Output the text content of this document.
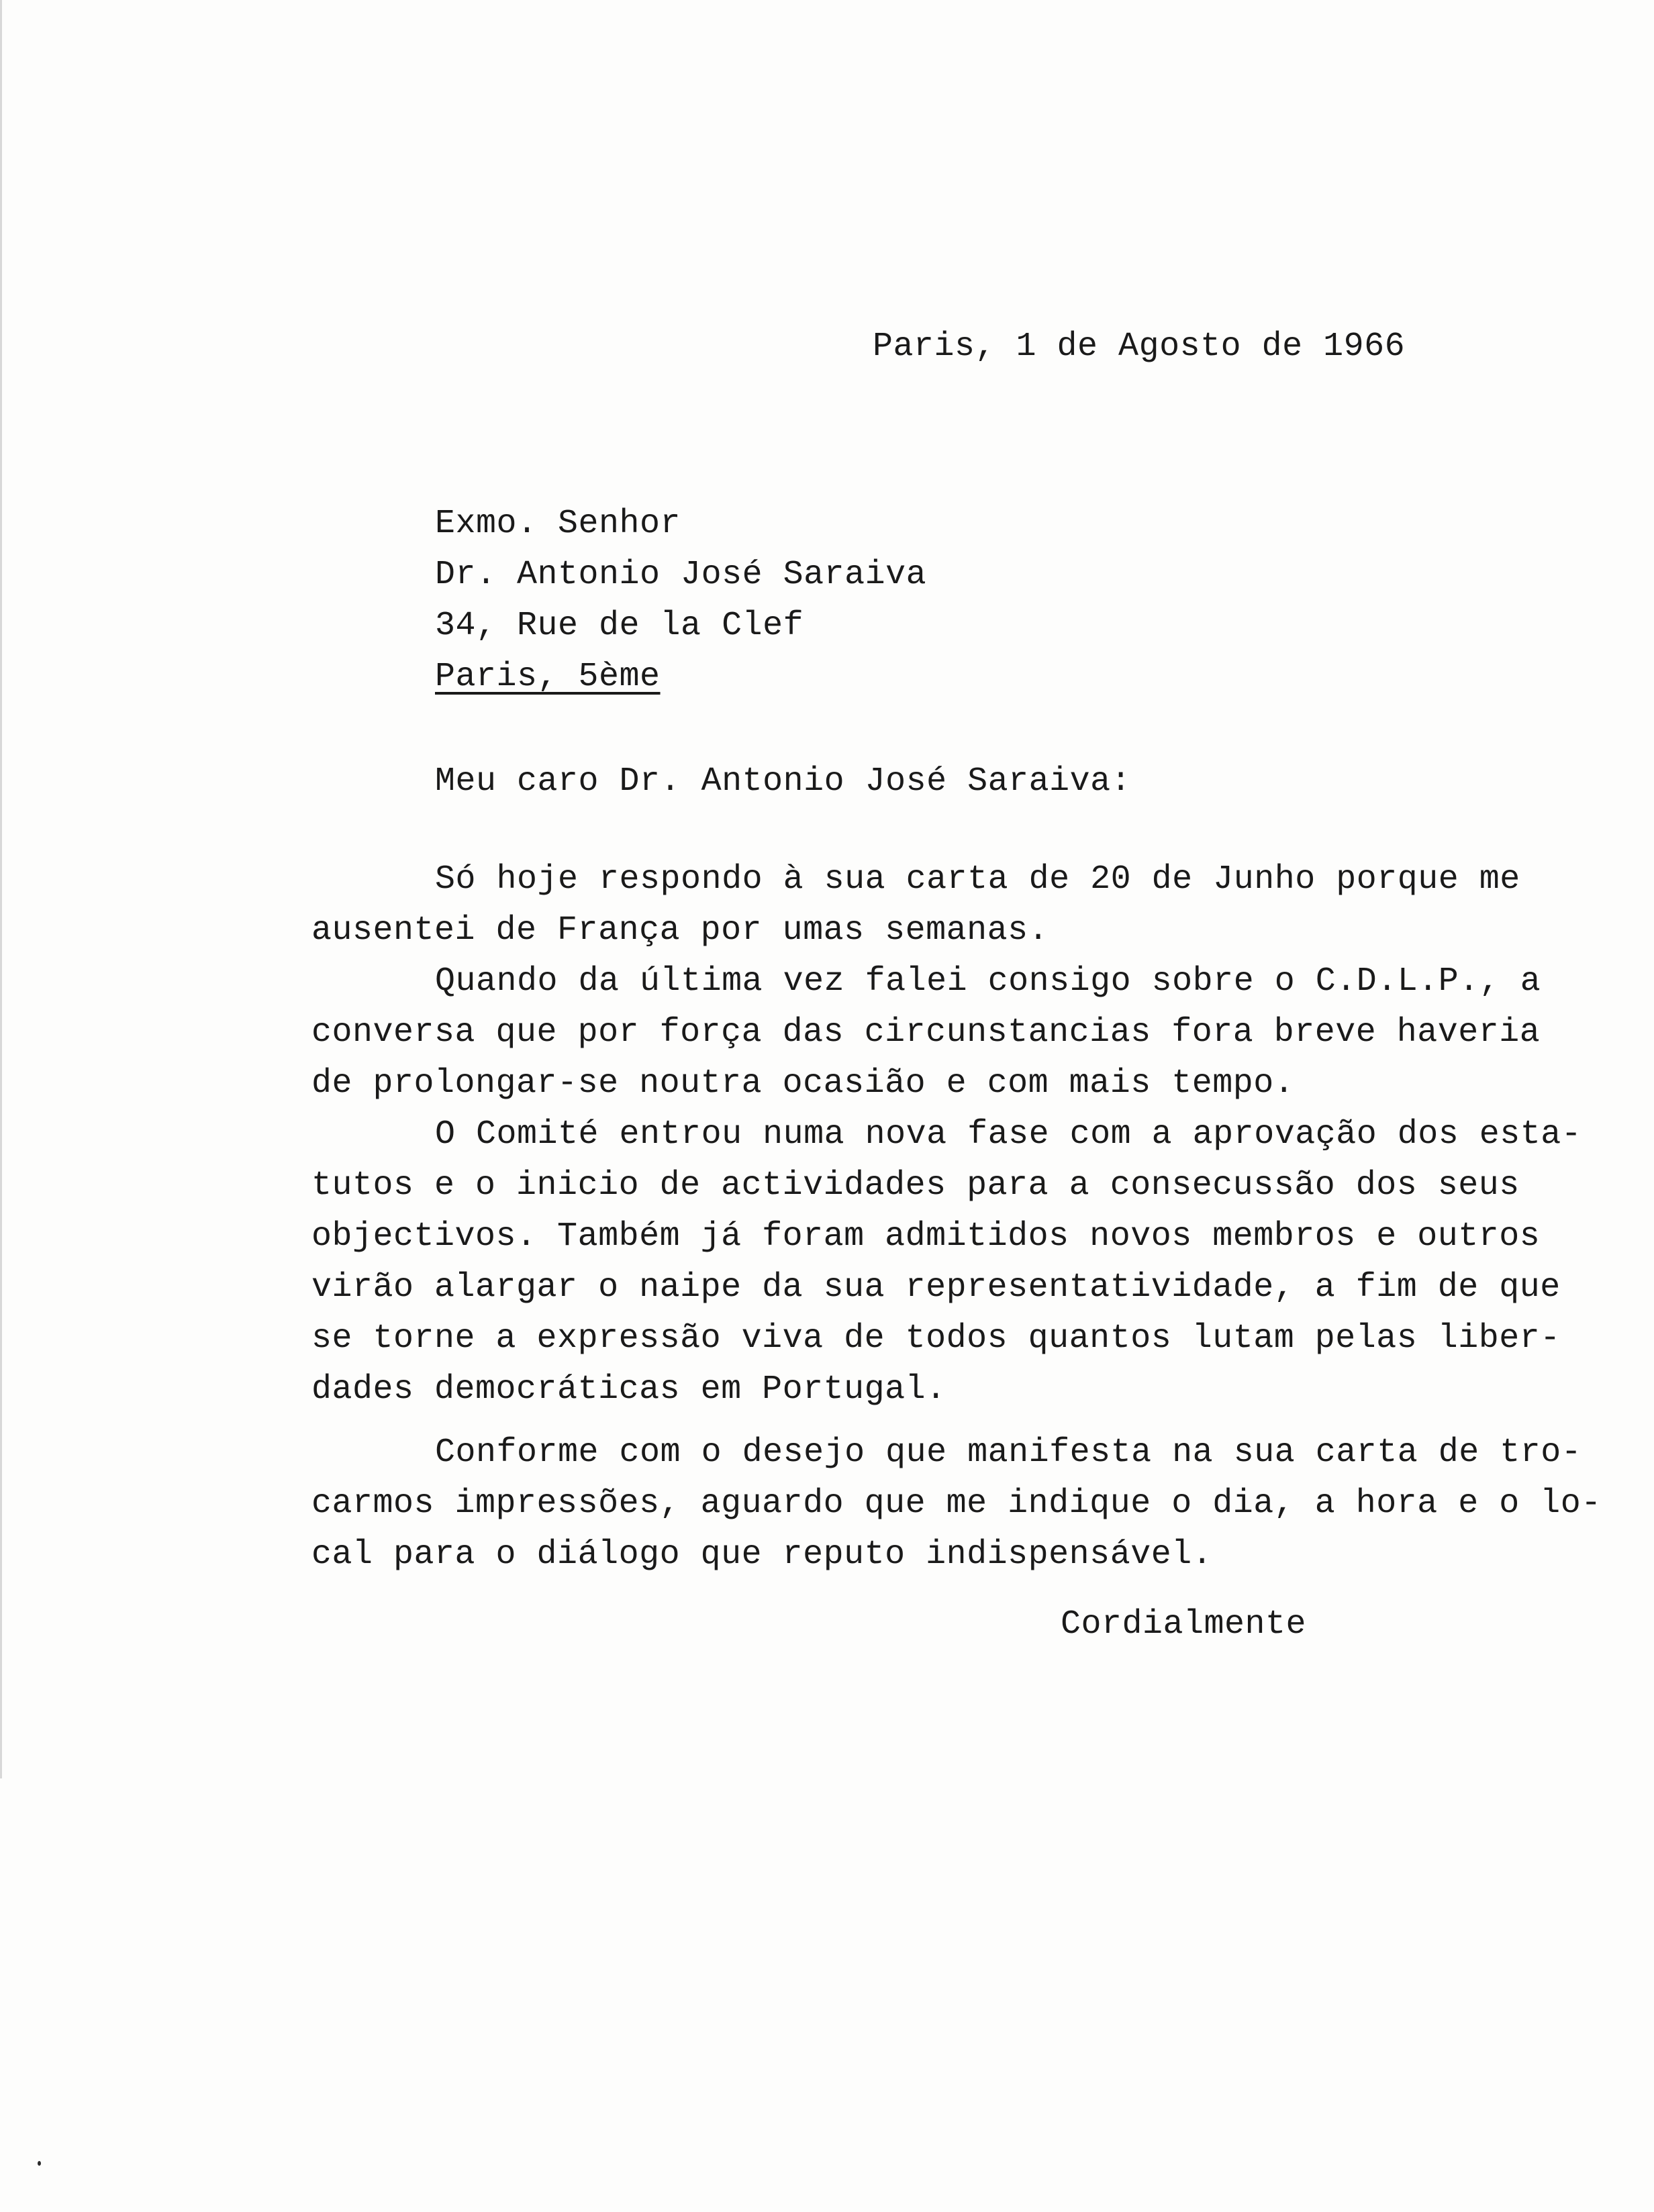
Paris, 1 de Agosto de 1966
Exmo. Senhor
Dr. Antonio José Saraiva
34, Rue de la Clef
Paris, 5ème
Meu caro Dr. Antonio José Saraiva:
Só hoje respondo à sua carta de 20 de Junho porque me
ausentei de França por umas semanas.
Quando da última vez falei consigo sobre o C.D.L.P., a
conversa que por força das circunstancias fora breve haveria
de prolongar-se noutra ocasião e com mais tempo.
O Comité entrou numa nova fase com a aprovação dos esta-
tutos e o inicio de actividades para a consecussão dos seus
objectivos. Também já foram admitidos novos membros e outros
virão alargar o naipe da sua representatividade, a fim de que
se torne a expressão viva de todos quantos lutam pelas liber-
dades democráticas em Portugal.
Conforme com o desejo que manifesta na sua carta de tro-
carmos impressões, aguardo que me indique o dia, a hora e o lo-
cal para o diálogo que reputo indispensável.
Cordialmente
